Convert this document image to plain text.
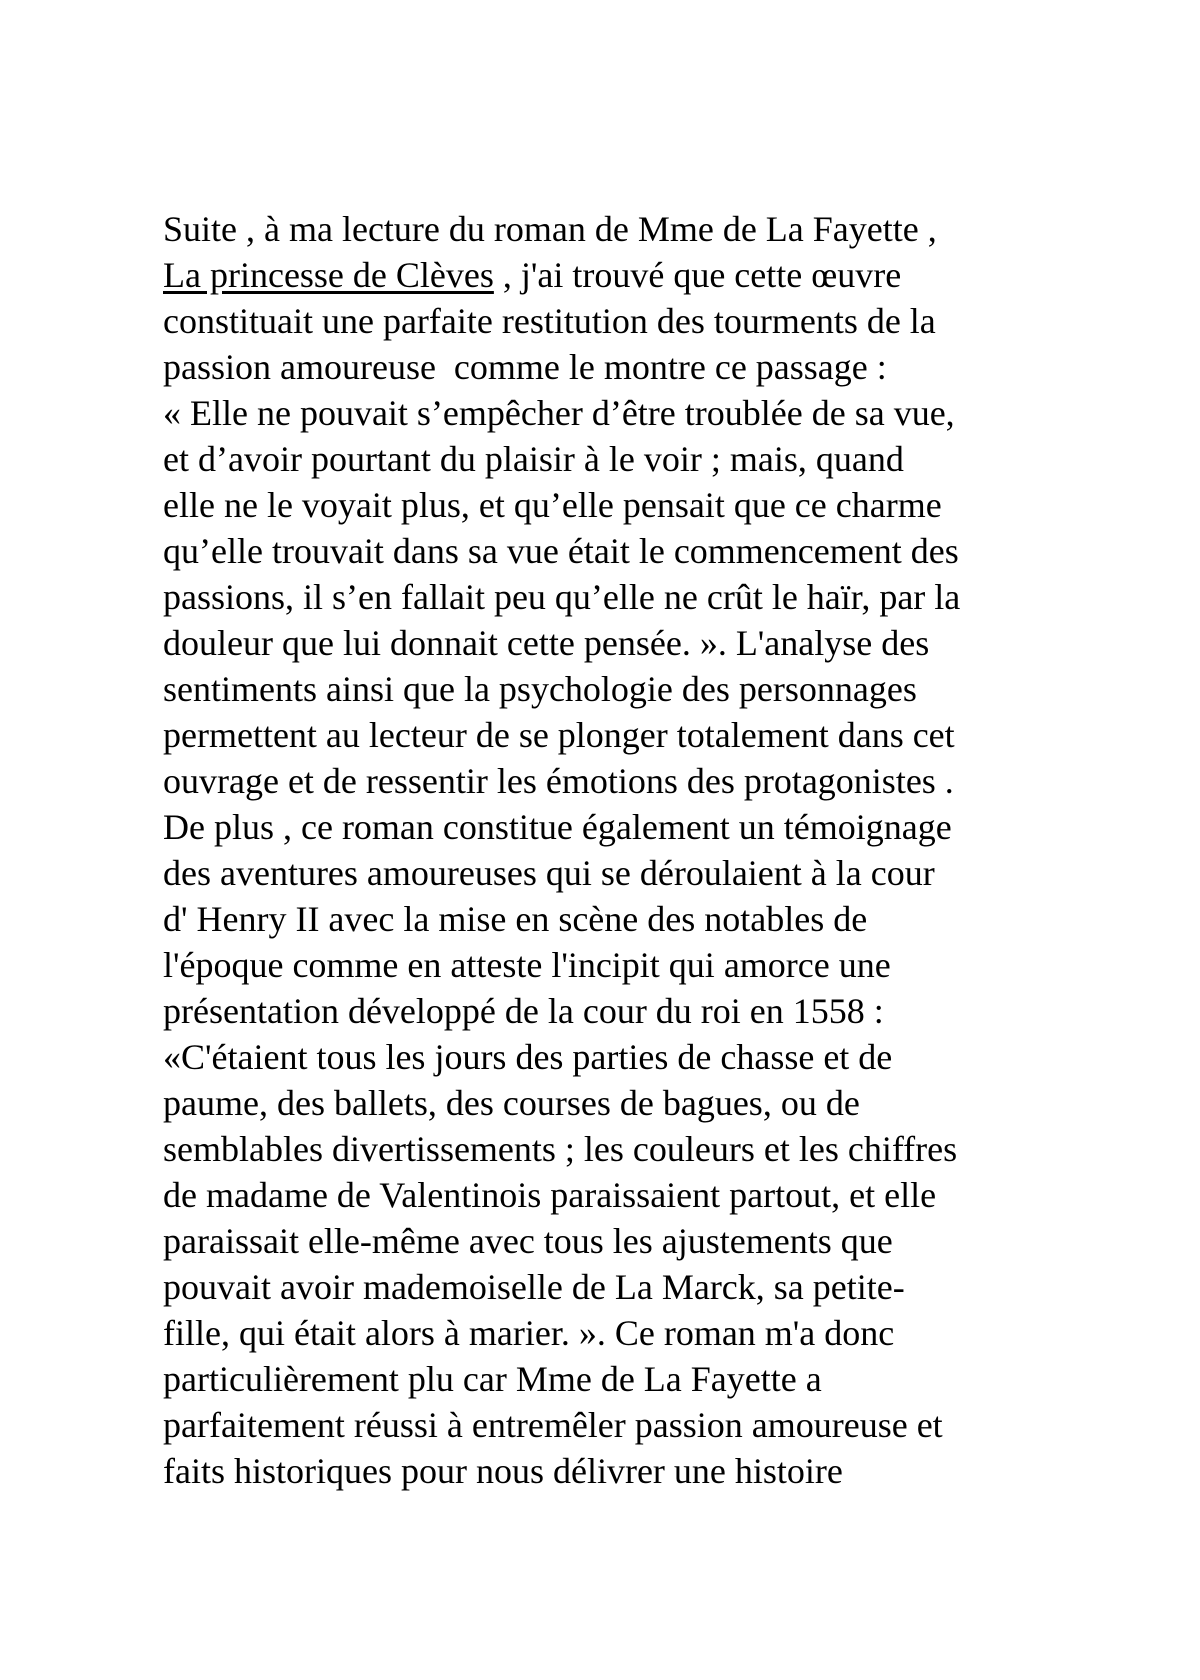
Suite , à ma lecture du roman de Mme de La Fayette ,
La princesse de Clèves , j'ai trouvé que cette œuvre
constituait une parfaite restitution des tourments de la
passion amoureuse  comme le montre ce passage :
« Elle ne pouvait s’empêcher d’être troublée de sa vue,
et d’avoir pourtant du plaisir à le voir ; mais, quand
elle ne le voyait plus, et qu’elle pensait que ce charme
qu’elle trouvait dans sa vue était le commencement des
passions, il s’en fallait peu qu’elle ne crût le haïr, par la
douleur que lui donnait cette pensée. ». L'analyse des
sentiments ainsi que la psychologie des personnages
permettent au lecteur de se plonger totalement dans cet
ouvrage et de ressentir les émotions des protagonistes .
De plus , ce roman constitue également un témoignage
des aventures amoureuses qui se déroulaient à la cour
d' Henry II avec la mise en scène des notables de
l'époque comme en atteste l'incipit qui amorce une
présentation développé de la cour du roi en 1558 :
«C'étaient tous les jours des parties de chasse et de
paume, des ballets, des courses de bagues, ou de
semblables divertissements ; les couleurs et les chiffres
de madame de Valentinois paraissaient partout, et elle
paraissait elle-même avec tous les ajustements que
pouvait avoir mademoiselle de La Marck, sa petite-
fille, qui était alors à marier. ». Ce roman m'a donc
particulièrement plu car Mme de La Fayette a
parfaitement réussi à entremêler passion amoureuse et
faits historiques pour nous délivrer une histoire
